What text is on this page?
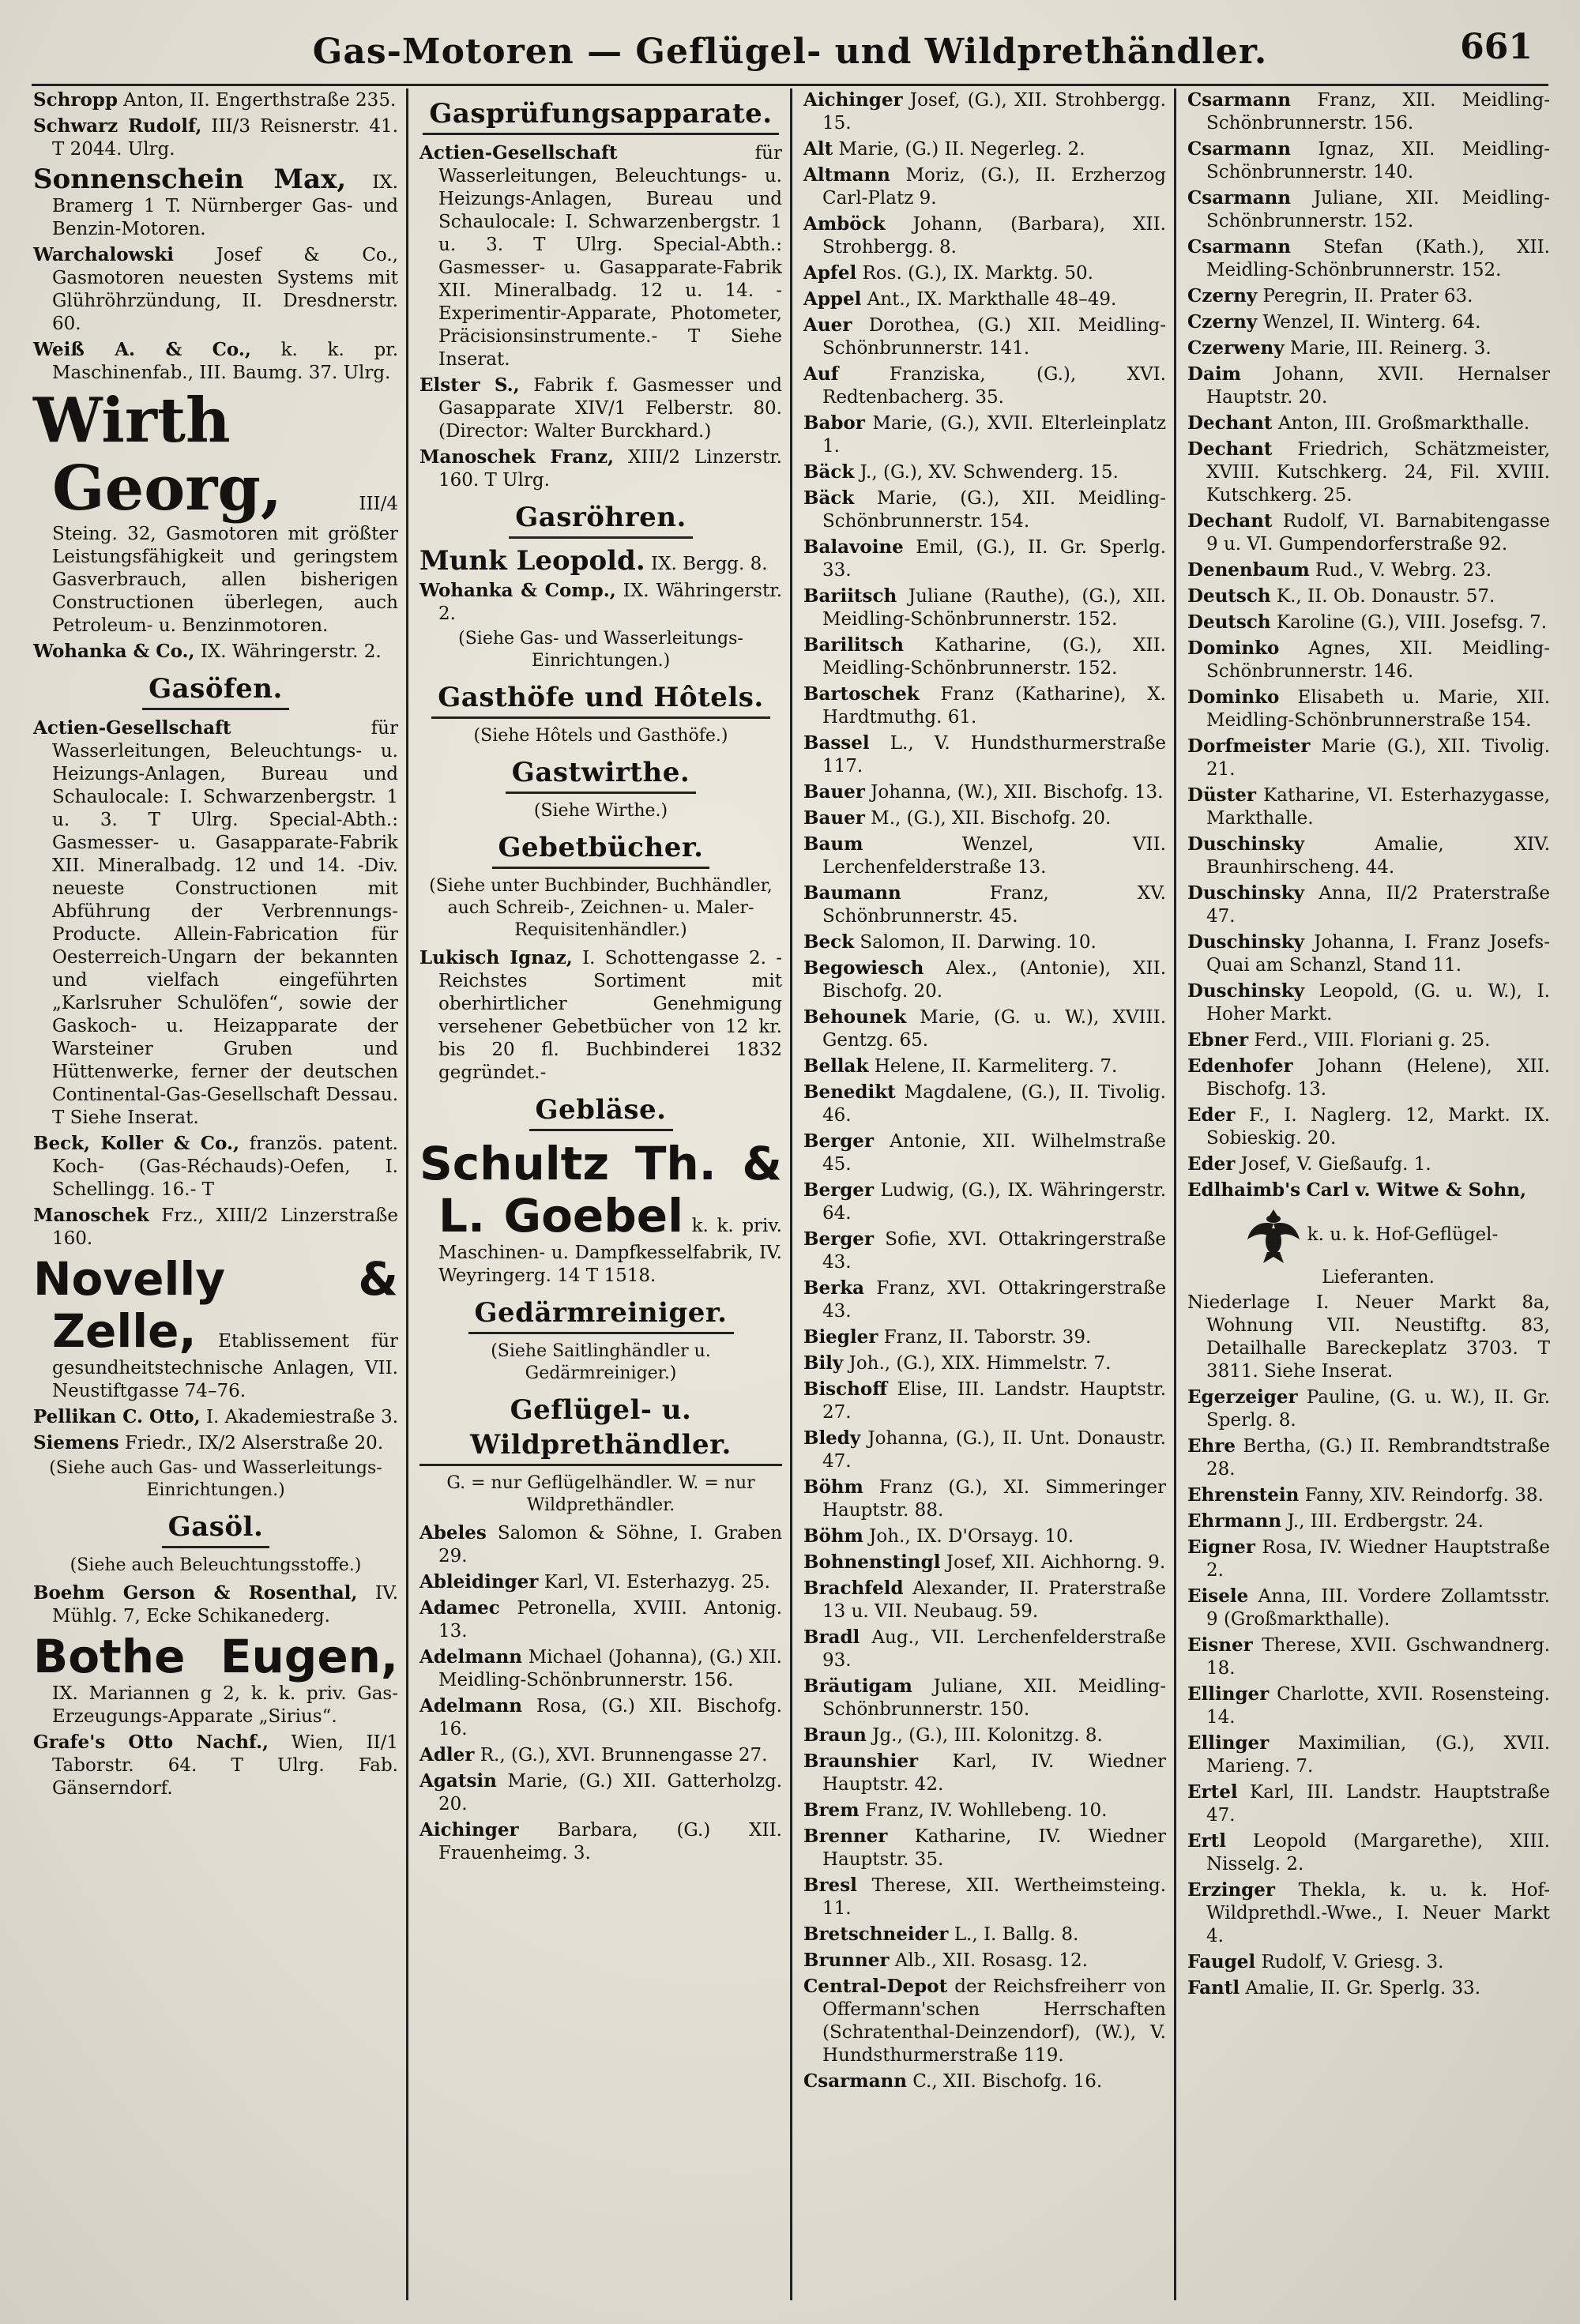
Gas-Motoren — Geflügel- und Wildprethändler.	661
Schropp Anton, II. Engerthstraße 235.
Schwarz Rudolf, III/3 Reisnerstr. 41. T 2044. Ulrg.
Sonnenschein Max, IX. Bramerg 1 T. Nürnberger Gas- und Benzin-Motoren.
Warchalowski Josef & Co., Gasmotoren neuesten Systems mit Glühröhrzündung, II. Dresdnerstr. 60.
Weiß A. & Co., k. k. pr. Maschinenfab., III. Baumg. 37. Ulrg.
Wirth Georg,	III/4 Steing. 32, Gasmotoren mit größter Leistungsfähigkeit und geringstem Gasverbrauch, allen bisherigen Constructionen überlegen, auch Petroleum- u. Benzinmotoren.
Wohanka & Co., IX. Währingerstr. 2.
Gasöfen.
Actien-Gesellschaft	für Wasserleitungen, Beleuchtungs- u. Heizungs-Anlagen, Bureau und Schaulocale: I. Schwarzenbergstr. 1 u. 3. T Ulrg. Special-Abth.: Gasmesser- u. Gasapparate-Fabrik XII. Mineralbadg. 12 und 14. -Div. neueste Constructionen mit Abführung der Verbrennungs-Producte. Allein-Fabrication für Oesterreich-Ungarn der bekannten und vielfach eingeführten „Karlsruher Schulöfen“, sowie der Gaskoch- u. Heizapparate der Warsteiner Gruben und Hüttenwerke, ferner der deutschen Continental-Gas-Gesellschaft Dessau. T Siehe Inserat.
Beck, Koller & Co., französ. patent. Koch- (Gas-Réchauds)-Oefen, I. Schellingg. 16.- T
Manoschek Frz., XIII/2 Linzerstraße 160.
Novelly & Zelle, Etablissement für gesundheitstechnische Anlagen, VII. Neustiftgasse 74–76.
Pellikan C. Otto, I. Akademiestraße 3.
Siemens Friedr., IX/2 Alserstraße 20.
(Siehe auch Gas- und Wasserleitungs-Einrichtungen.)
Gasöl.
(Siehe auch Beleuchtungsstoffe.)
Boehm Gerson & Rosenthal, IV. Mühlg. 7, Ecke Schikanederg.
Bothe Eugen, IX. Mariannen g 2, k. k. priv. Gas-Erzeugungs-Apparate „Sirius“.
Grafe's Otto Nachf., Wien, II/1 Taborstr. 64. T Ulrg. Fab. Gänserndorf.
Gasprüfungsapparate.
Actien-Gesellschaft	für Wasserleitungen, Beleuchtungs- u. Heizungs-Anlagen, Bureau und Schaulocale: I. Schwarzenbergstr. 1 u. 3. T Ulrg. Special-Abth.: Gasmesser- u. Gasapparate-Fabrik XII. Mineralbadg. 12 u. 14. -Experimentir-Apparate, Photometer, Präcisionsinstrumente.- T Siehe Inserat.
Elster S., Fabrik f. Gasmesser und Gasapparate XIV/1 Felberstr. 80. (Director: Walter Burckhard.)
Manoschek Franz, XIII/2 Linzerstr. 160. T Ulrg.
Gasröhren.
Munk Leopold. IX. Bergg. 8.
Wohanka & Comp., IX. Währingerstr. 2.
(Siehe Gas- und Wasserleitungs-Einrichtungen.)
Gasthöfe und Hôtels.
(Siehe Hôtels und Gasthöfe.)
Gastwirthe.
(Siehe Wirthe.)
Gebetbücher.
(Siehe unter Buchbinder, Buchhändler, auch Schreib-, Zeichnen- u. Maler-Requisitenhändler.)
Lukisch Ignaz, I. Schottengasse 2. -Reichstes Sortiment mit oberhirtlicher Genehmigung versehener Gebetbücher von 12 kr. bis 20 fl. Buchbinderei 1832 gegründet.-
Gebläse.
Schultz Th. & L. Goebel k. k. priv. Maschinen- u. Dampfkesselfabrik, IV. Weyringerg. 14 T 1518.
Gedärmreiniger.
(Siehe Saitlinghändler u. Gedärmreiniger.)
Geflügel- u. Wildprethändler.
G. = nur Geflügelhändler. W. = nur Wildprethändler.
Abeles Salomon & Söhne, I. Graben 29.
Ableidinger Karl, VI. Esterhazyg. 25.
Adamec Petronella, XVIII. Antonig. 13.
Adelmann Michael (Johanna), (G.) XII. Meidling-Schönbrunnerstr. 156.
Adelmann Rosa, (G.) XII. Bischofg. 16.
Adler R., (G.), XVI. Brunnengasse 27.
Agatsin Marie, (G.) XII. Gatterholzg. 20.
Aichinger Barbara, (G.) XII. Frauenheimg. 3.
Aichinger Josef, (G.), XII. Strohbergg. 15.
Alt Marie, (G.) II. Negerleg. 2.
Altmann Moriz, (G.), II. Erzherzog Carl-Platz 9.
Amböck Johann, (Barbara), XII. Strohbergg. 8.
Apfel Ros. (G.), IX. Marktg. 50.
Appel Ant., IX. Markthalle 48–49.
Auer Dorothea, (G.) XII. Meidling-Schönbrunnerstr. 141.
Auf	Franziska, (G.), XVI. Redtenbacherg. 35.
Babor Marie, (G.), XVII. Elterleinplatz 1.
Bäck J., (G.), XV. Schwenderg. 15.
Bäck Marie, (G.), XII. Meidling-Schönbrunnerstr. 154.
Balavoine Emil, (G.), II. Gr. Sperlg. 33.
Bariitsch Juliane (Rauthe), (G.), XII. Meidling-Schönbrunnerstr. 152.
Barilitsch Katharine, (G.), XII. Meidling-Schönbrunnerstr. 152.
Bartoschek Franz (Katharine), X. Hardtmuthg. 61.
Bassel L., V. Hundsthurmerstraße 117.
Bauer Johanna, (W.), XII. Bischofg. 13.
Bauer M., (G.), XII. Bischofg. 20.
Baum	Wenzel, VII. Lerchenfelderstraße 13.
Baumann	Franz, XV. Schönbrunnerstr. 45.
Beck Salomon, II. Darwing. 10.
Begowiesch Alex., (Antonie), XII. Bischofg. 20.
Behounek Marie, (G. u. W.), XVIII. Gentzg. 65.
Bellak Helene, II. Karmeliterg. 7.
Benedikt Magdalene, (G.), II. Tivolig. 46.
Berger Antonie, XII. Wilhelmstraße 45.
Berger Ludwig, (G.), IX. Währingerstr. 64.
Berger Sofie, XVI. Ottakringerstraße 43.
Berka Franz, XVI. Ottakringerstraße 43.
Biegler Franz, II. Taborstr. 39.
Bily Joh., (G.), XIX. Himmelstr. 7.
Bischoff Elise, III. Landstr. Hauptstr. 27.
Bledy Johanna, (G.), II. Unt. Donaustr. 47.
Böhm Franz (G.), XI. Simmeringer Hauptstr. 88.
Böhm Joh., IX. D'Orsayg. 10.
Bohnenstingl Josef, XII. Aichhorng. 9.
Brachfeld Alexander, II. Praterstraße 13 u. VII. Neubaug. 59.
Bradl Aug., VII. Lerchenfelderstraße 93.
Bräutigam Juliane, XII. Meidling-Schönbrunnerstr. 150.
Braun Jg., (G.), III. Kolonitzg. 8.
Braunshier Karl, IV. Wiedner Hauptstr. 42.
Brem Franz, IV. Wohllebeng. 10.
Brenner Katharine, IV. Wiedner Hauptstr. 35.
Bresl Therese, XII. Wertheimsteing. 11.
Bretschneider L., I. Ballg. 8.
Brunner Alb., XII. Rosasg. 12.
Central-Depot der Reichsfreiherr von Offermann'schen Herrschaften (Schratenthal-Deinzendorf), (W.), V. Hundsthurmerstraße 119.
Csarmann C., XII. Bischofg. 16.
Csarmann Franz, XII. Meidling-Schönbrunnerstr. 156.
Csarmann Ignaz, XII. Meidling-Schönbrunnerstr. 140.
Csarmann Juliane, XII. Meidling-Schönbrunnerstr. 152.
Csarmann Stefan (Kath.), XII. Meidling-Schönbrunnerstr. 152.
Czerny Peregrin, II. Prater 63.
Czerny Wenzel, II. Winterg. 64.
Czerweny Marie, III. Reinerg. 3.
Daim Johann, XVII. Hernalser Hauptstr. 20.
Dechant Anton, III. Großmarkthalle.
Dechant Friedrich, Schätzmeister, XVIII. Kutschkerg. 24, Fil. XVIII. Kutschkerg. 25.
Dechant Rudolf, VI. Barnabitengasse 9 u. VI. Gumpendorferstraße 92.
Denenbaum Rud., V. Webrg. 23.
Deutsch K., II. Ob. Donaustr. 57.
Deutsch Karoline (G.), VIII. Josefsg. 7.
Dominko Agnes, XII. Meidling-Schönbrunnerstr. 146.
Dominko Elisabeth u. Marie, XII. Meidling-Schönbrunnerstraße 154.
Dorfmeister Marie (G.), XII. Tivolig. 21.
Düster Katharine, VI. Esterhazygasse, Markthalle.
Duschinsky	Amalie, XIV. Braunhirscheng. 44.
Duschinsky Anna, II/2 Praterstraße 47.
Duschinsky Johanna, I. Franz Josefs-Quai am Schanzl, Stand 11.
Duschinsky Leopold, (G. u. W.), I. Hoher Markt.
Ebner Ferd., VIII. Floriani g. 25.
Edenhofer Johann (Helene), XII. Bischofg. 13.
Eder F., I. Naglerg. 12, Markt. IX. Sobieskig. 20.
Eder Josef, V. Gießaufg. 1.
Edlhaimb's Carl v. Witwe & Sohn,
k. u. k. Hof-Geflügel-Lieferanten.
Niederlage I. Neuer Markt 8a, Wohnung VII. Neustiftg. 83, Detailhalle Bareckeplatz 3703. T 3811. Siehe Inserat.
Egerzeiger Pauline, (G. u. W.), II. Gr. Sperlg. 8.
Ehre Bertha, (G.) II. Rembrandtstraße 28.
Ehrenstein Fanny, XIV. Reindorfg. 38.
Ehrmann J., III. Erdbergstr. 24.
Eigner Rosa, IV. Wiedner Hauptstraße 2.
Eisele Anna, III. Vordere Zollamtsstr. 9 (Großmarkthalle).
Eisner Therese, XVII. Gschwandnerg. 18.
Ellinger Charlotte, XVII. Rosensteing. 14.
Ellinger Maximilian, (G.), XVII. Marieng. 7.
Ertel Karl, III. Landstr. Hauptstraße 47.
Ertl Leopold (Margarethe), XIII. Nisselg. 2.
Erzinger Thekla, k. u. k. Hof-Wildprethdl.-Wwe., I. Neuer Markt 4.
Faugel Rudolf, V. Griesg. 3.
Fantl Amalie, II. Gr. Sperlg. 33.
